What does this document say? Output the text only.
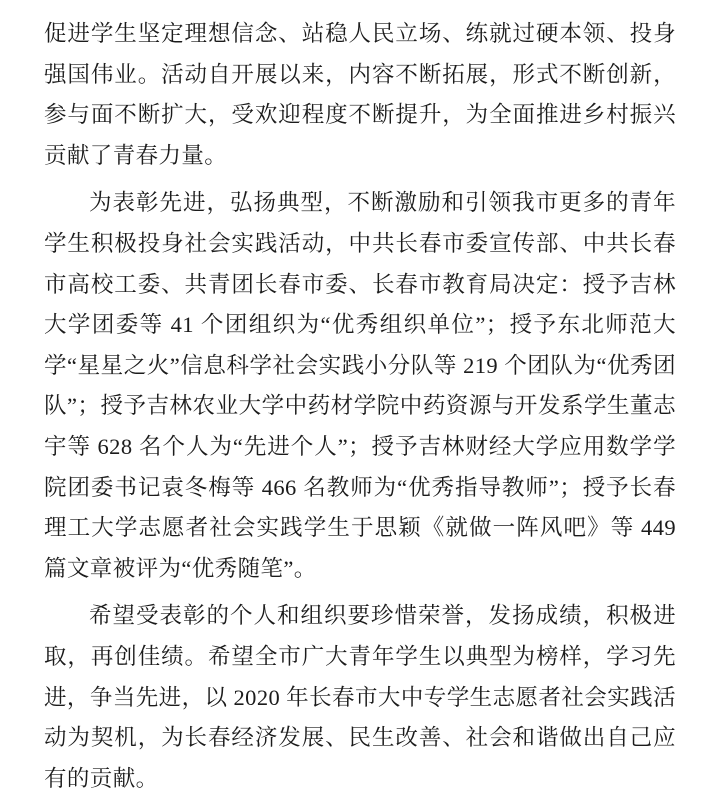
促进学生坚定理想信念、站稳人民立场、练就过硬本领、投身强国伟业。活动自开展以来，内容不断拓展，形式不断创新，参与面不断扩大，受欢迎程度不断提升，为全面推进乡村振兴贡献了青春力量。

为表彰先进，弘扬典型，不断激励和引领我市更多的青年学生积极投身社会实践活动，中共长春市委宣传部、中共长春市高校工委、共青团长春市委、长春市教育局决定：授予吉林大学团委等 41 个团组织为“优秀组织单位”；授予东北师范大学“星星之火”信息科学社会实践小分队等 219 个团队为“优秀团队”；授予吉林农业大学中药材学院中药资源与开发系学生董志宇等 628 名个人为“先进个人”；授予吉林财经大学应用数学学院团委书记袁冬梅等 466 名教师为“优秀指导教师”；授予长春理工大学志愿者社会实践学生于思颖《就做一阵风吧》等 449 篇文章被评为“优秀随笔”。

希望受表彰的个人和组织要珍惜荣誉，发扬成绩，积极进取，再创佳绩。希望全市广大青年学生以典型为榜样，学习先进，争当先进，以 2020 年长春市大中专学生志愿者社会实践活动为契机，为长春经济发展、民生改善、社会和谐做出自己应有的贡献。
